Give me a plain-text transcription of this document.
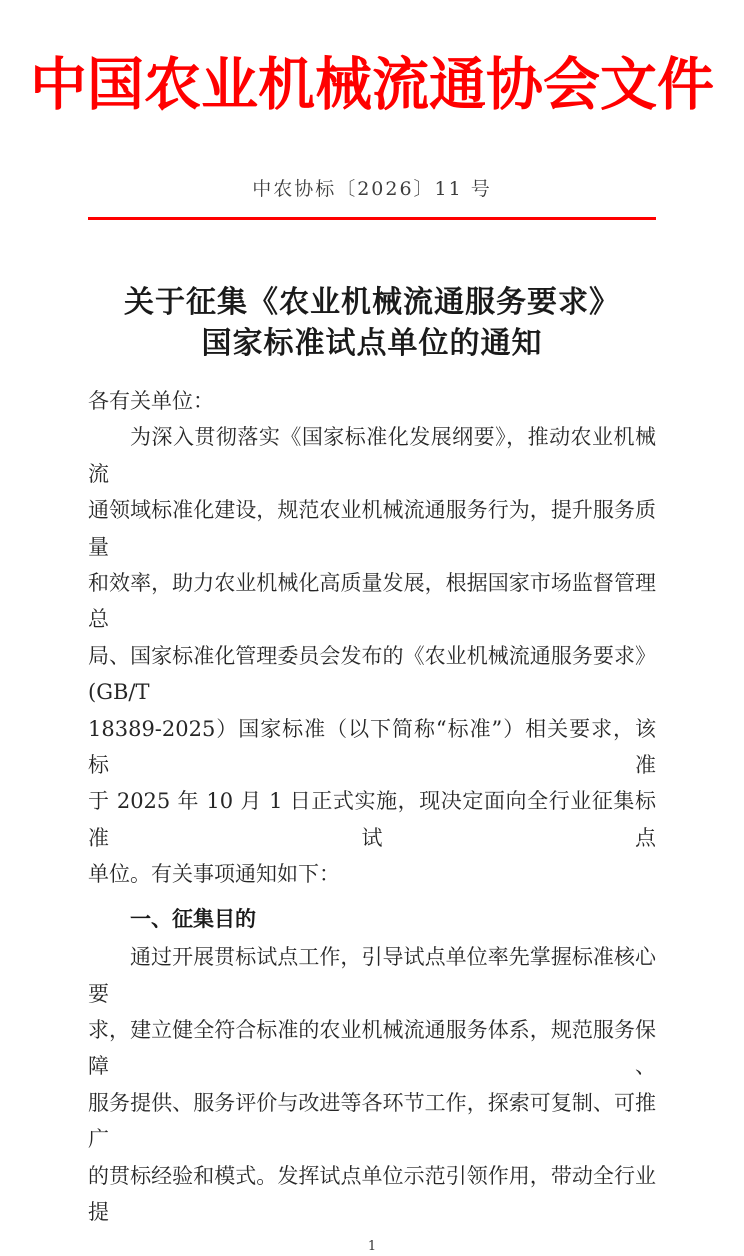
中国农业机械流通协会文件
中农协标〔2026〕11 号
关于征集《农业机械流通服务要求》
国家标准试点单位的通知
各有关单位：
为深入贯彻落实《国家标准化发展纲要》，推动农业机械流
通领域标准化建设，规范农业机械流通服务行为，提升服务质量
和效率，助力农业机械化高质量发展，根据国家市场监督管理总
局、国家标准化管理委员会发布的《农业机械流通服务要求》(GB/T
18389-2025）国家标准（以下简称“标准”）相关要求，该标准
于 2025 年 10 月 1 日正式实施，现决定面向全行业征集标准试点
单位。有关事项通知如下：
一、征集目的
通过开展贯标试点工作，引导试点单位率先掌握标准核心要
求，建立健全符合标准的农业机械流通服务体系，规范服务保障、
服务提供、服务评价与改进等各环节工作，探索可复制、可推广
的贯标经验和模式。发挥试点单位示范引领作用，带动全行业提
1
